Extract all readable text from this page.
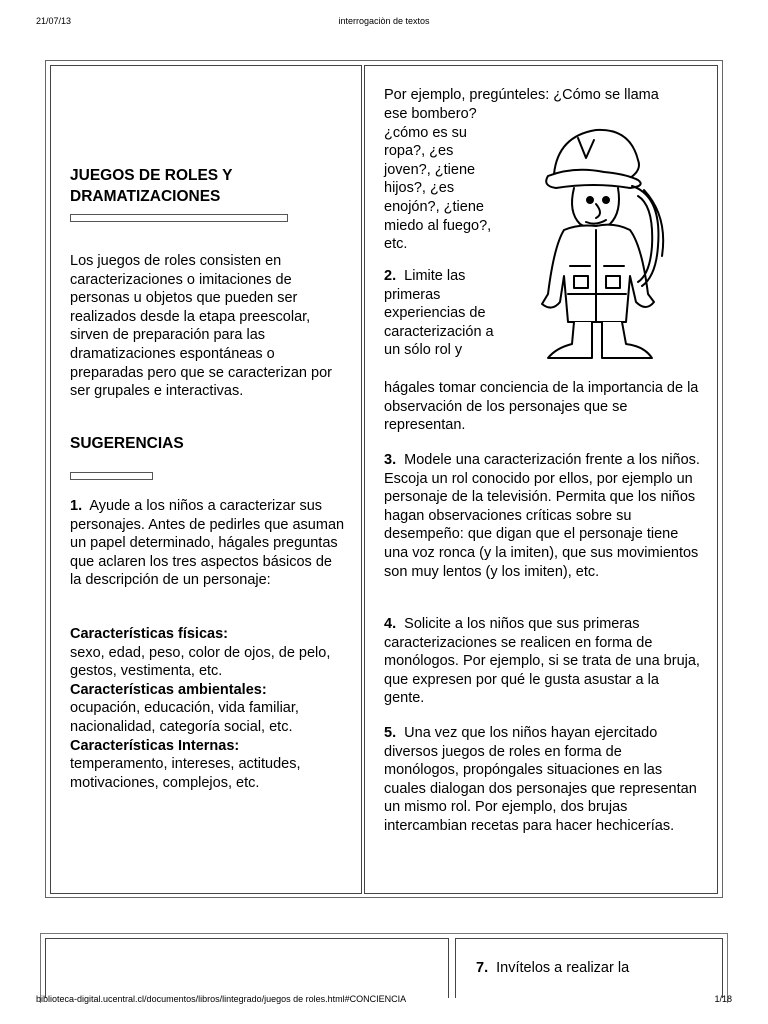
21/07/13	interrogaciòn de textos
JUEGOS DE ROLES Y
DRAMATIZACIONES

Los juegos de roles consisten en caracterizaciones o imitaciones de personas u objetos que pueden ser realizados desde la etapa preescolar, sirven de preparación para las dramatizaciones espontáneas o preparadas pero que se caracterizan por ser grupales e interactivas.

SUGERENCIAS

1. Ayude a los niños a caracterizar sus personajes. Antes de pedirles que asuman un papel determinado, hágales preguntas que aclaren los tres aspectos básicos de la descripción de un personaje:

Características físicas:
sexo, edad, peso, color de ojos, de pelo, gestos, vestimenta, etc.
Características ambientales:
ocupación, educación, vida familiar, nacionalidad, categoría social, etc.
Características Internas:
temperamento, intereses, actitudes, motivaciones, complejos, etc.

Por ejemplo, pregúnteles: ¿Cómo se llama

ese bombero? ¿cómo es su ropa?, ¿es joven?, ¿tiene hijos?, ¿es enojón?, ¿tiene miedo al fuego?, etc.

2. Limite las primeras experiencias de caracterización a un sólo rol y

hágales tomar conciencia de la importancia de la observación de los personajes que se representan.

3. Modele una caracterización frente a los niños. Escoja un rol conocido por ellos, por ejemplo un personaje de la televisión. Permita que los niños hagan observaciones críticas sobre su desempeño: que digan que el personaje tiene una voz ronca (y la imiten), que sus movimientos son muy lentos (y los imiten), etc.

4. Solicite a los niños que sus primeras caracterizaciones se realicen en forma de monólogos. Por ejemplo, si se trata de una bruja, que expresen por qué le gusta asustar a la gente.

5. Una vez que los niños hayan ejercitado diversos juegos de roles en forma de monólogos, propóngales situaciones en las cuales dialogan dos personajes que representan un mismo rol. Por ejemplo, dos brujas intercambian recetas para hacer hechicerías.

7. Invítelos a realizar la

biblioteca-digital.ucentral.cl/documentos/libros/lintegrado/juegos de roles.html#CONCIENCIA	1/18
